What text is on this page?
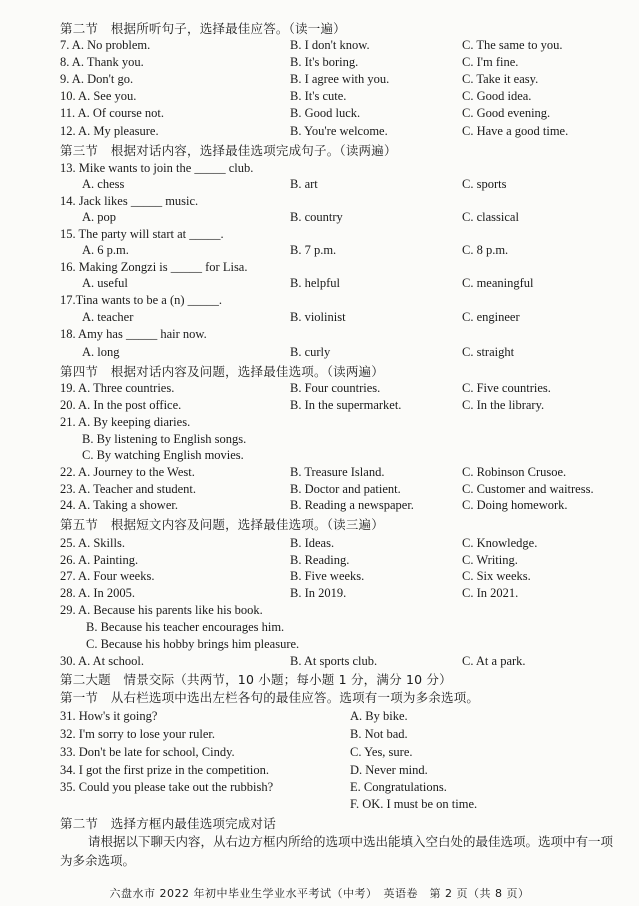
第二节　根据所听句子，选择最佳应答。（读一遍）
7. A. No problem.	B. I don't know.	C. The same to you.
8. A. Thank you.	B. It's boring.	C. I'm fine.
9. A. Don't go.	B. I agree with you.	C. Take it easy.
10. A. See you.	B. It's cute.	C. Good idea.
11. A. Of course not.	B. Good luck.	C. Good evening.
12. A. My pleasure.	B. You're welcome.	C. Have a good time.
第三节　根据对话内容，选择最佳选项完成句子。（读两遍）
13. Mike wants to join the _____ club.
A. chess	B. art	C. sports
14. Jack likes _____ music.
A. pop	B. country	C. classical
15. The party will start at _____.
A. 6 p.m.	B. 7 p.m.	C. 8 p.m.
16. Making Zongzi is _____ for Lisa.
A. useful	B. helpful	C. meaningful
17.Tina wants to be a (n) _____.
A. teacher	B. violinist	C. engineer
18. Amy has _____ hair now.
A. long	B. curly	C. straight
第四节　根据对话内容及问题，选择最佳选项。（读两遍）
19. A. Three countries.	B. Four countries.	C. Five countries.
20. A. In the post office.	B. In the supermarket.	C. In the library.
21. A. By keeping diaries.
B. By listening to English songs.
C. By watching English movies.
22. A. Journey to the West.	B. Treasure Island.	C. Robinson Crusoe.
23. A. Teacher and student.	B. Doctor and patient.	C. Customer and waitress.
24. A. Taking a shower.	B. Reading a newspaper.	C. Doing homework.
第五节　根据短文内容及问题，选择最佳选项。（读三遍）
25. A. Skills.	B. Ideas.	C. Knowledge.
26. A. Painting.	B. Reading.	C. Writing.
27. A. Four weeks.	B. Five weeks.	C. Six weeks.
28. A. In 2005.	B. In 2019.	C. In 2021.
29. A. Because his parents like his book.
B. Because his teacher encourages him.
C. Because his hobby brings him pleasure.
30. A. At school.	B. At sports club.	C. At a park.
第二大题　情景交际（共两节，10 小题；每小题 1 分，满分 10 分）
第一节　从右栏选项中选出左栏各句的最佳应答。选项有一项为多余选项。
31. How's it going?	A. By bike.
32. I'm sorry to lose your ruler.	B. Not bad.
33. Don't be late for school, Cindy.	C. Yes, sure.
34. I got the first prize in the competition.	D. Never mind.
35. Could you please take out the rubbish?	E. Congratulations.
F. OK. I must be on time.
第二节　选择方框内最佳选项完成对话
请根据以下聊天内容，从右边方框内所给的选项中选出能填入空白处的最佳选项。选项中有一项为多余选项。
六盘水市 2022 年初中毕业生学业水平考试（中考）　英语卷　第 2 页（共 8 页）
